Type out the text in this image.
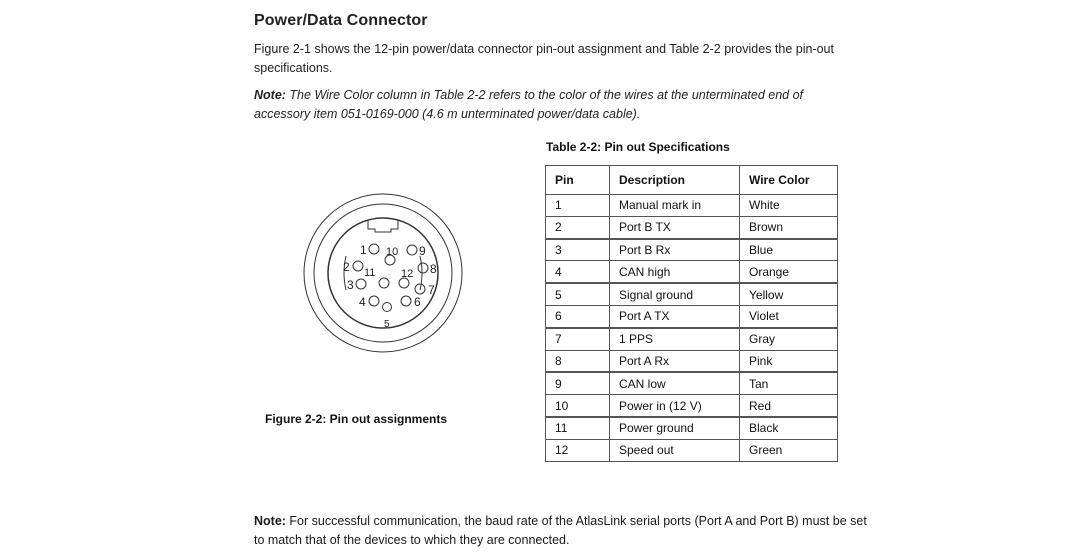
Power/Data Connector
Figure 2-1 shows the 12-pin power/data connector pin-out assignment and Table 2-2 provides the pin-out specifications.
Note: The Wire Color column in Table 2-2 refers to the color of the wires at the unterminated end of accessory item 051-0169-000 (4.6 m unterminated power/data cable).
Table 2-2: Pin out Specifications
Pin	Description	Wire Color
1	Manual mark in	White
2	Port B TX	Brown
3	Port B Rx	Blue
4	CAN high	Orange
5	Signal ground	Yellow
6	Port A TX	Violet
7	1 PPS	Gray
8	Port A Rx	Pink
9	CAN low	Tan
10	Power in (12 V)	Red
11	Power ground	Black
12	Speed out	Green
1
2
3
4
5
6
7
8
9
10
11 12
Figure 2-2: Pin out assignments
Note: For successful communication, the baud rate of the AtlasLink serial ports (Port A and Port B) must be set to match that of the devices to which they are connected.
